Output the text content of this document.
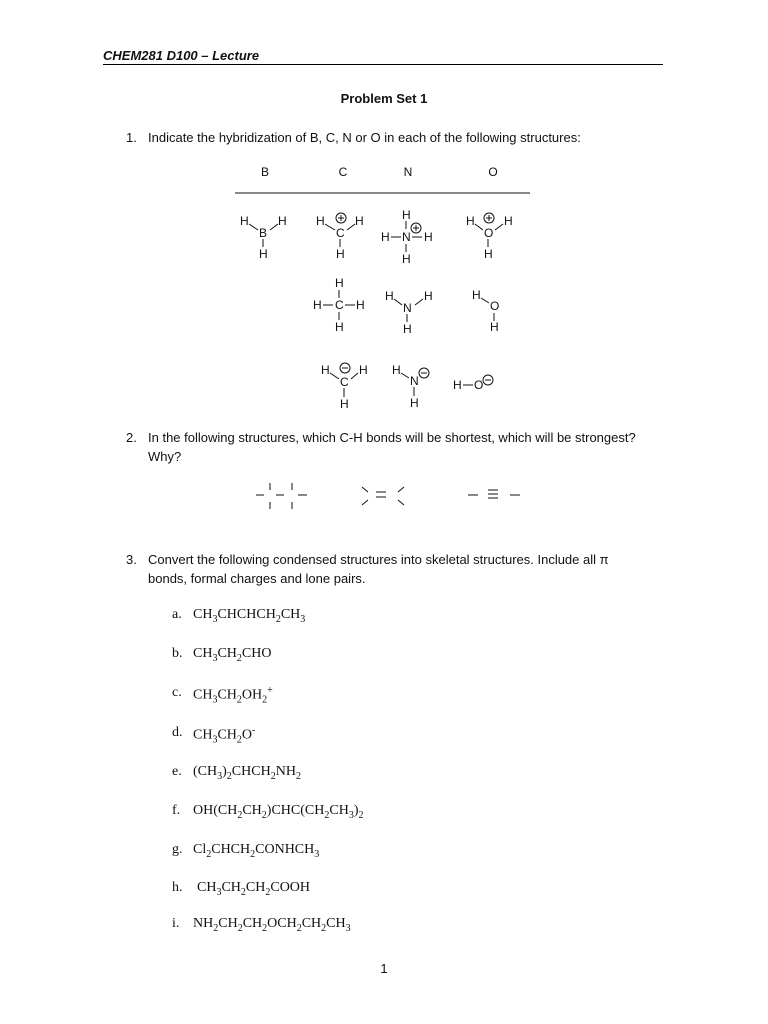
CHEM281 D100 – Lecture
Problem Set 1
1. Indicate the hybridization of B, C, N or O in each of the following structures:
B	C	N	O
H
B
H
H
H
C
H
H
H
H N H
H
H
O
H
H
H
H C H
H
H
N
H
H
H
O
H
H
C
H
H
H
N
H
H O
2. In the following structures, which C-H bonds will be shortest, which will be strongest? Why?
3. Convert the following condensed structures into skeletal structures. Include all π bonds, formal charges and lone pairs.
a. $CH_3CHCHCH_2CH_3$
b. $CH_3CH_2CHO$
c. $CH_3CH_2OH_2^+$
d. $CH_3CH_2O^-$
e. $(CH_3)_2CHCH_2NH_2$
f. $OH(CH_2CH_2)CHC(CH_2CH_3)_2$
g. $Cl_2CHCH_2CONHCH_3$
h.	$CH_3CH_2CH_2COOH$
i. $NH_2CH_2CH_2OCH_2CH_2CH_3$
1
